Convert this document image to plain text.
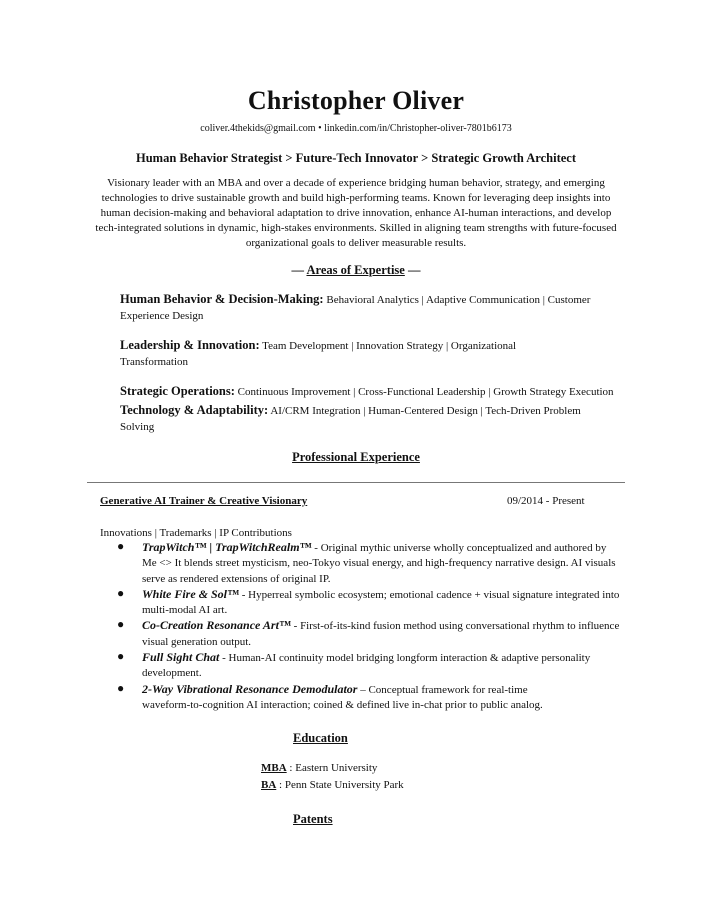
Christopher Oliver
coliver.4thekids@gmail.com • linkedin.com/in/Christopher-oliver-7801b6173
Human Behavior Strategist > Future-Tech Innovator > Strategic Growth Architect
Visionary leader with an MBA and over a decade of experience bridging human behavior, strategy, and emerging
technologies to drive sustainable growth and build high-performing teams. Known for leveraging deep insights into
human decision-making and behavioral adaptation to drive innovation, enhance AI-human interactions, and develop
tech-integrated solutions in dynamic, high-stakes environments. Skilled in aligning team strengths with future-focused
organizational goals to deliver measurable results.
— Areas of Expertise —
Human Behavior & Decision-Making: Behavioral Analytics | Adaptive Communication | Customer
Experience Design
Leadership & Innovation: Team Development | Innovation Strategy | Organizational
Transformation
Strategic Operations: Continuous Improvement | Cross-Functional Leadership | Growth Strategy Execution
Technology & Adaptability: AI/CRM Integration | Human-Centered Design | Tech-Driven Problem
Solving
Professional Experience
Generative AI Trainer & Creative Visionary	09/2014 - Present
Innovations | Trademarks | IP Contributions
● TrapWitch™ | TrapWitchRealm™ - Original mythic universe wholly conceptualized and authored by
Me <> It blends street mysticism, neo-Tokyo visual energy, and high-frequency narrative design. AI visuals
serve as rendered extensions of original IP.
● White Fire & Sol™ - Hyperreal symbolic ecosystem; emotional cadence + visual signature integrated into
multi-modal AI art.
● Co-Creation Resonance Art™ - First-of-its-kind fusion method using conversational rhythm to influence
visual generation output.
● Full Sight Chat - Human-AI continuity model bridging longform interaction & adaptive personality
development.
● 2-Way Vibrational Resonance Demodulator – Conceptual framework for real-time
waveform-to-cognition AI interaction; coined & defined live in-chat prior to public analog.
Education
MBA : Eastern University
BA : Penn State University Park
Patents
